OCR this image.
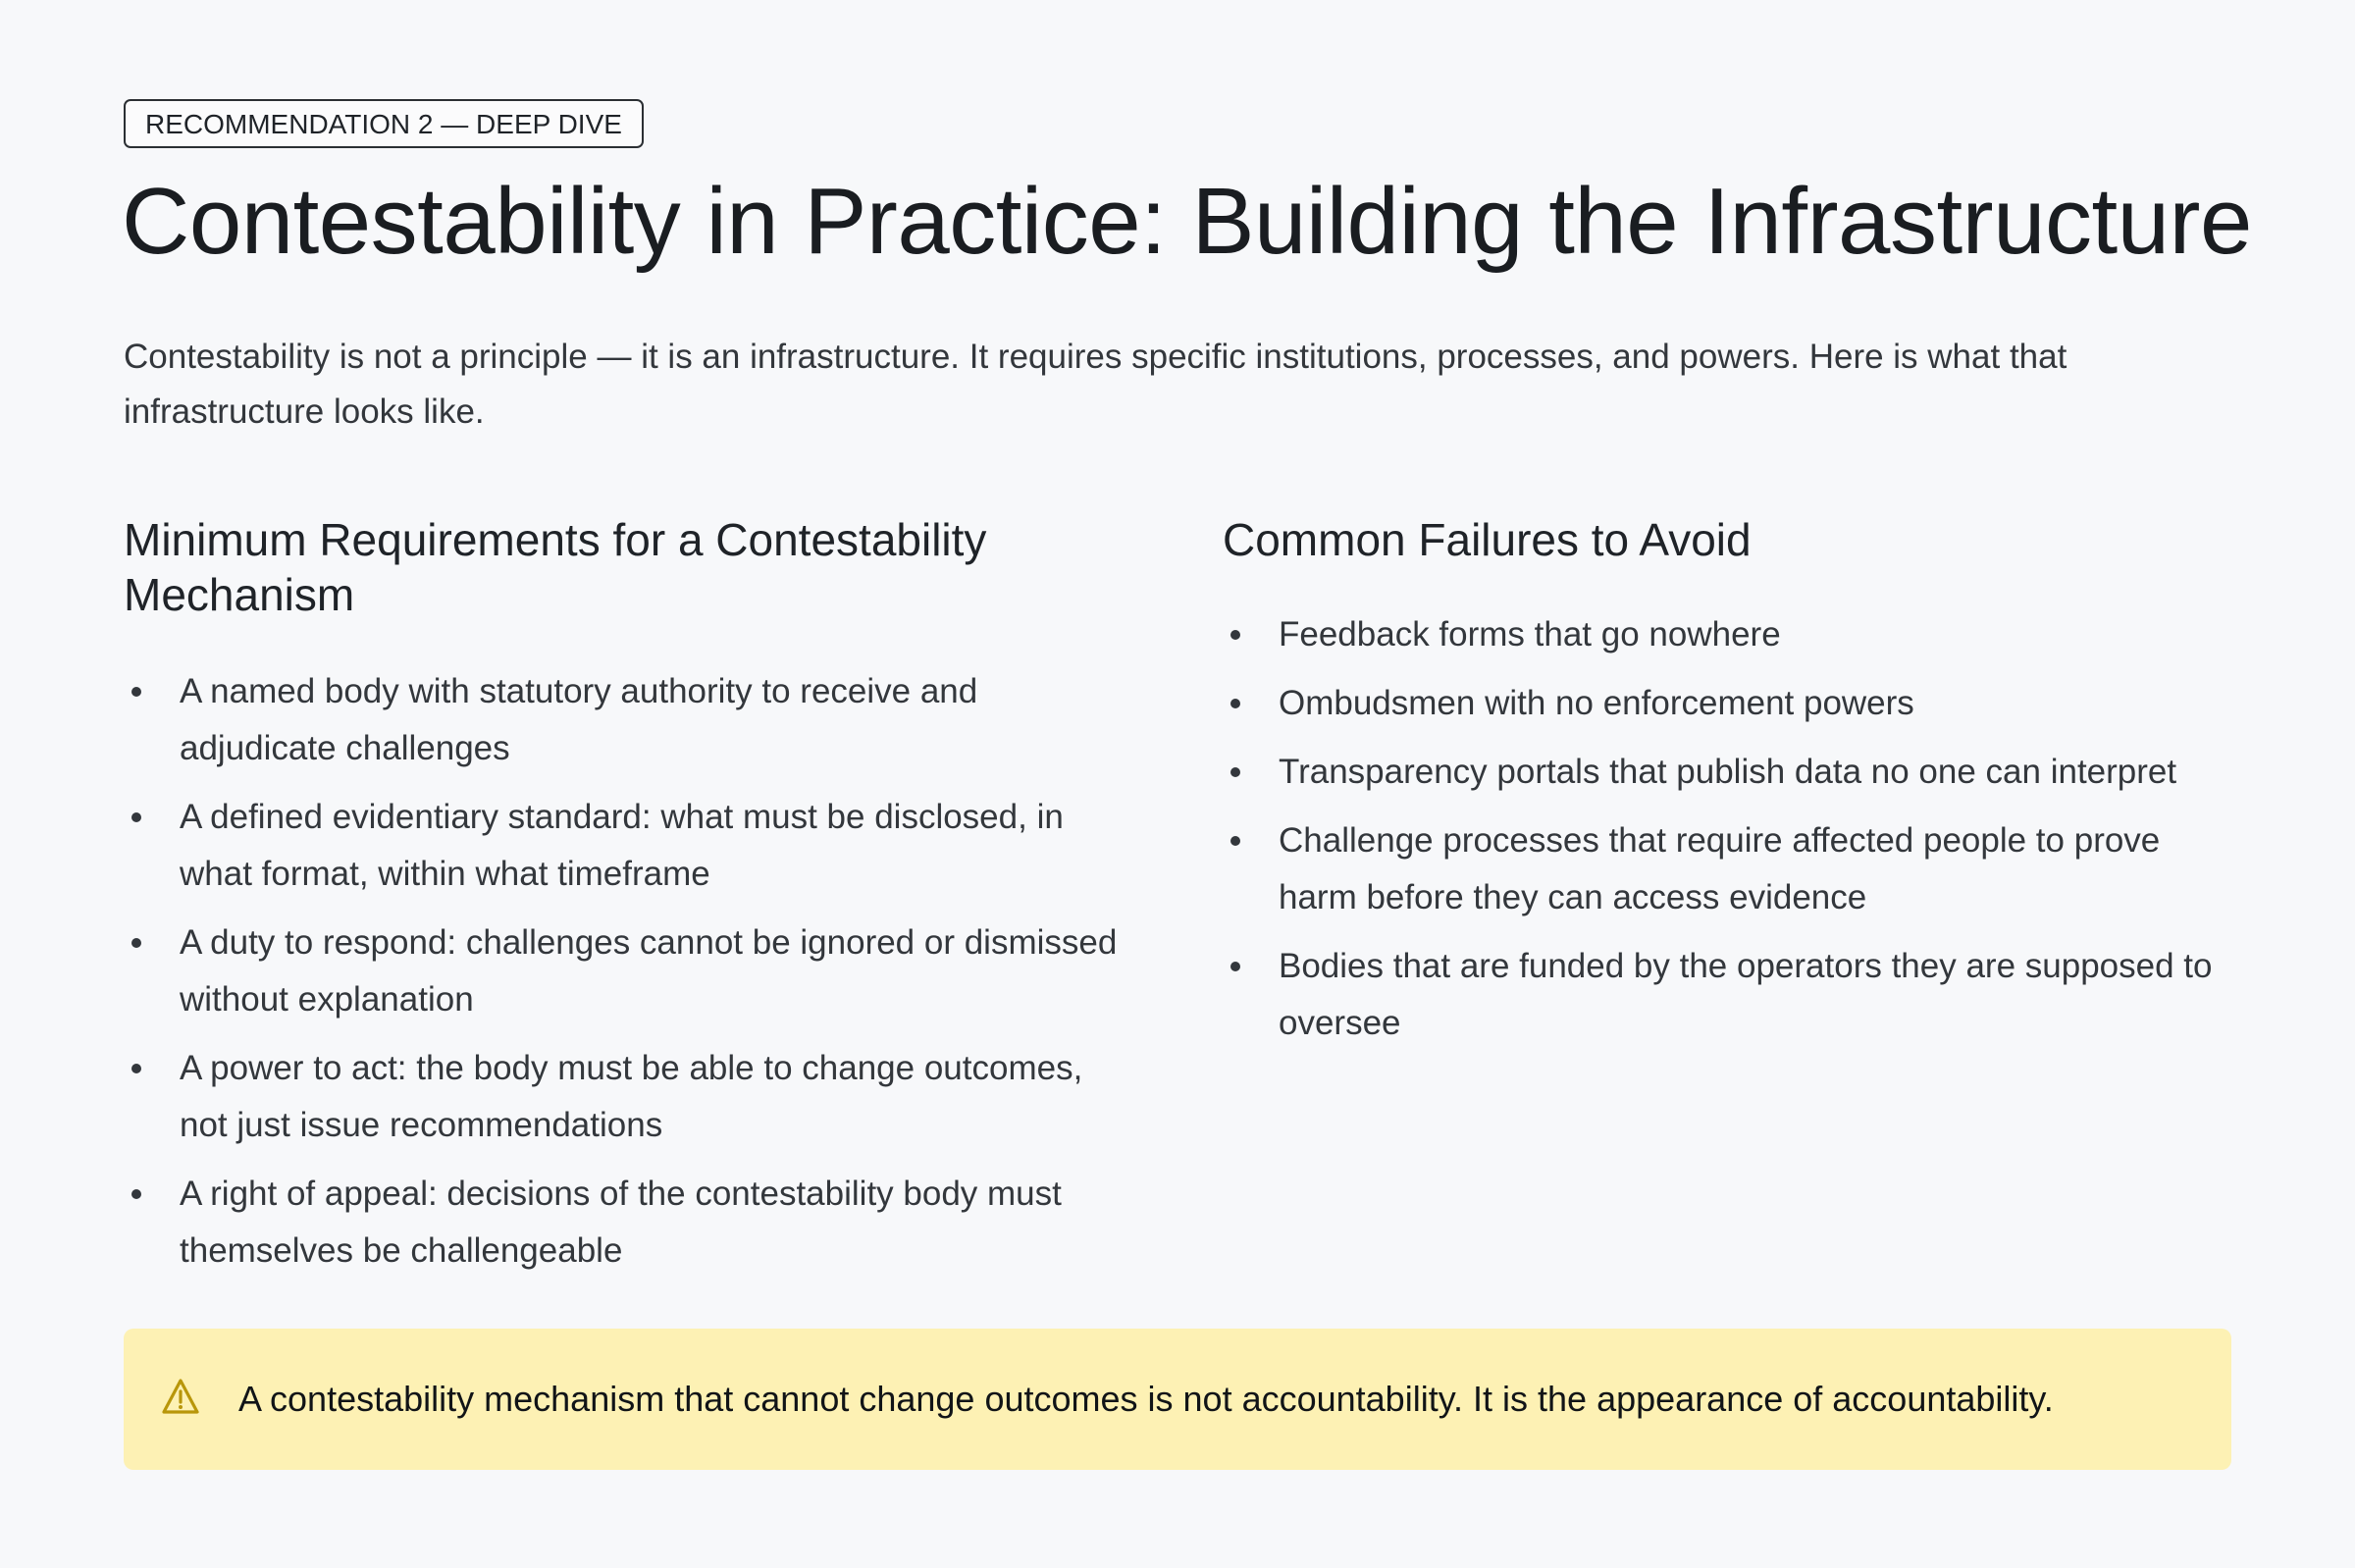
RECOMMENDATION 2 — DEEP DIVE
Contestability in Practice: Building the Infrastructure

Contestability is not a principle — it is an infrastructure. It requires specific institutions, processes, and powers. Here is what that infrastructure looks like.

Minimum Requirements for a Contestability Mechanism
A named body with statutory authority to receive and adjudicate challenges
A defined evidentiary standard: what must be disclosed, in what format, within what timeframe
A duty to respond: challenges cannot be ignored or dismissed without explanation
A power to act: the body must be able to change outcomes, not just issue recommendations
A right of appeal: decisions of the contestability body must themselves be challengeable
Common Failures to Avoid
Feedback forms that go nowhere
Ombudsmen with no enforcement powers
Transparency portals that publish data no one can interpret
Challenge processes that require affected people to prove harm before they can access evidence
Bodies that are funded by the operators they are supposed to oversee
A contestability mechanism that cannot change outcomes is not accountability. It is the appearance of accountability.
